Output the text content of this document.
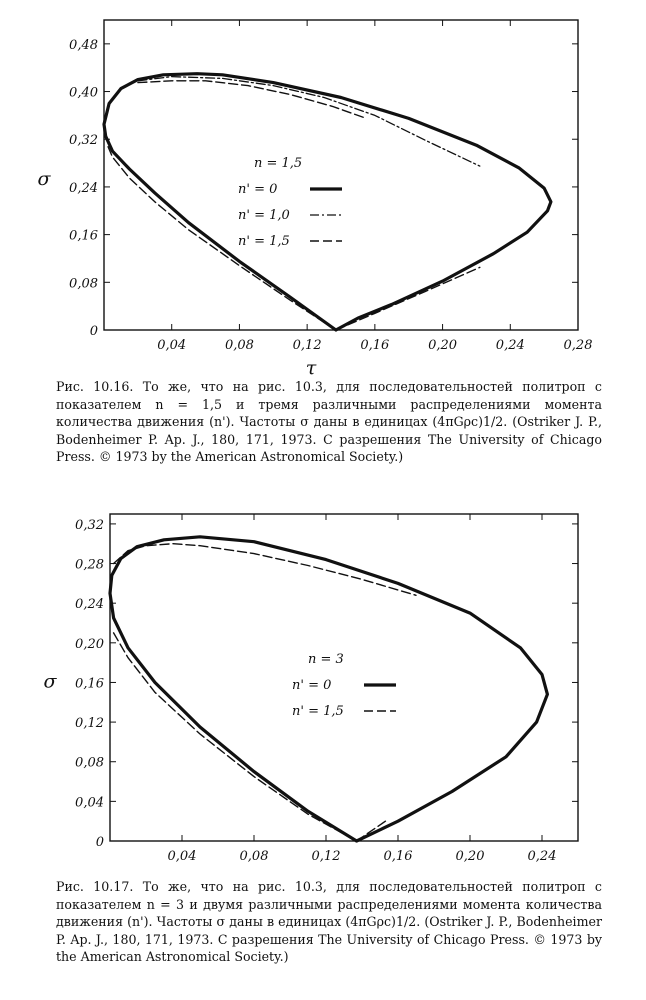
0
0,08
0,16
0,24
0,32
0,40
0,48
0,04	0,08	0,12	0,16	0,20	0,24	0,28
τ
σ
n = 1,5
n' = 0
n' = 1,0
n' = 1,5

Рис. 10.16. То же, что на рис. 10.3, для последовательностей политроп с показателем n = 1,5 и тремя различными распределениями момента количества движения (n'). Частоты σ даны в единицах (4πGρc)1/2. (Ostriker J. P., Bodenheimer P. Ap. J., 180, 171, 1973. С разрешения The University of Chicago Press. © 1973 by the American Astronomical Society.)

0
0,04
0,08
0,12
0,16
0,20
0,24
0,28
0,32
0,04	0,08	0,12	0,16	0,20	0,24
σ
n = 3
n' = 0
n' = 1,5

Рис. 10.17. То же, что на рис. 10.3, для последовательностей политроп с показателем n = 3 и двумя различными распределениями момента количества движения (n'). Частоты σ даны в единицах (4πGρc)1/2. (Ostriker J. P., Bodenheimer P. Ap. J., 180, 171, 1973. С разрешения The University of Chicago Press. © 1973 by the American Astronomical Society.)
